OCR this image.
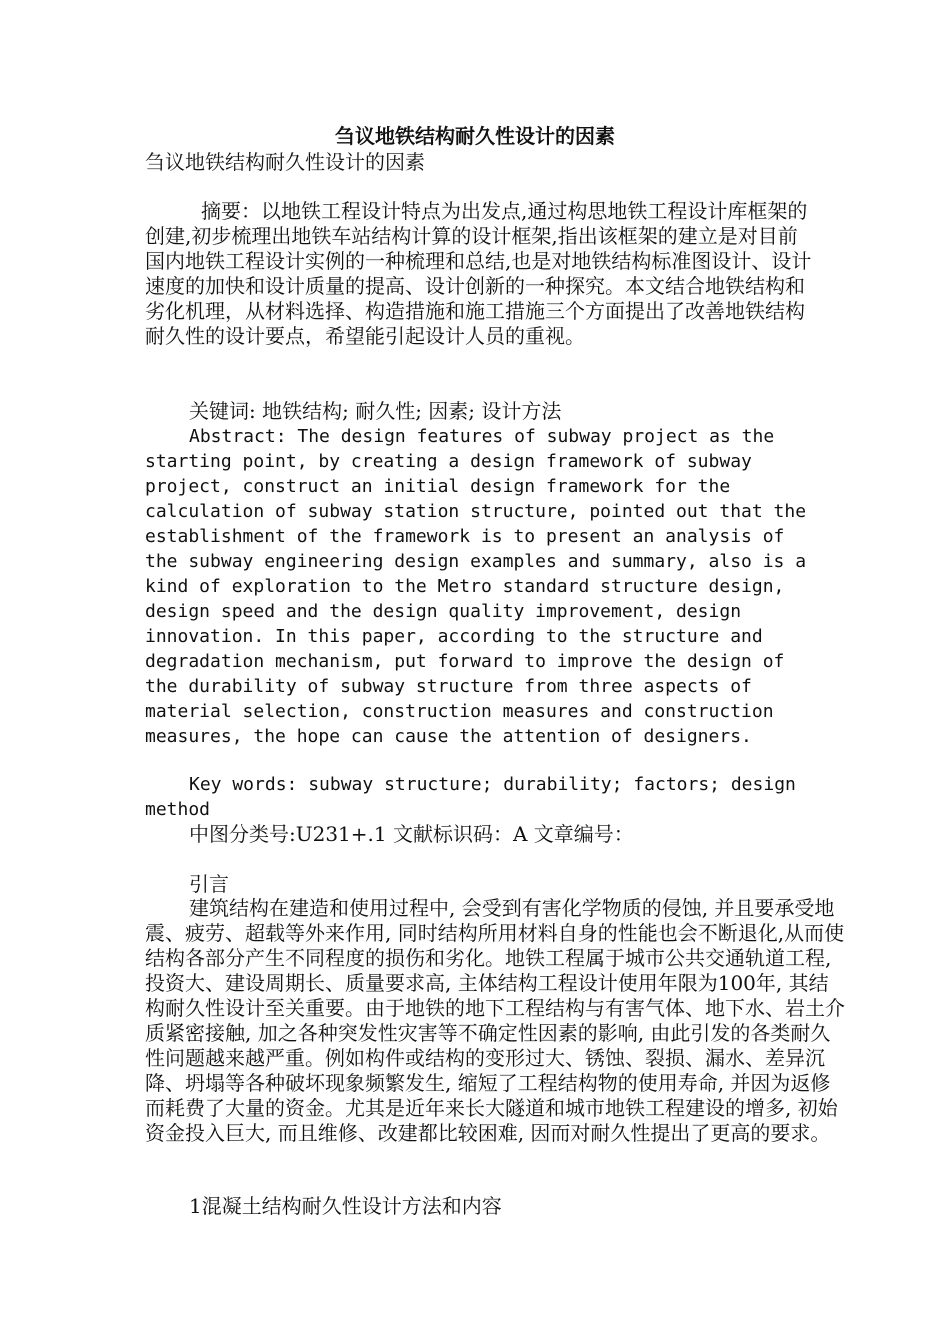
刍议地铁结构耐久性设计的因素

刍议地铁结构耐久性设计的因素

摘要：以地铁工程设计特点为出发点,通过构思地铁工程设计库框架的创建,初步梳理出地铁车站结构计算的设计框架,指出该框架的建立是对目前国内地铁工程设计实例的一种梳理和总结,也是对地铁结构标准图设计、设计速度的加快和设计质量的提高、设计创新的一种探究。本文结合地铁结构和劣化机理，从材料选择、构造措施和施工措施三个方面提出了改善地铁结构耐久性的设计要点，希望能引起设计人员的重视。

关键词: 地铁结构; 耐久性; 因素; 设计方法

Abstract: The design features of subway project as the starting point, by creating a design framework of subway project, construct an initial design framework for the calculation of subway station structure, pointed out that the establishment of the framework is to present an analysis of the subway engineering design examples and summary, also is a kind of exploration to the Metro standard structure design, design speed and the design quality improvement, design innovation. In this paper, according to the structure and degradation mechanism, put forward to improve the design of the durability of subway structure from three aspects of material selection, construction measures and construction measures, the hope can cause the attention of designers.

Key words: subway structure; durability; factors; design method

中图分类号:U231+.1 文献标识码：A 文章编号：

引言

建筑结构在建造和使用过程中, 会受到有害化学物质的侵蚀, 并且要承受地震、疲劳、超载等外来作用, 同时结构所用材料自身的性能也会不断退化,从而使结构各部分产生不同程度的损伤和劣化。地铁工程属于城市公共交通轨道工程, 投资大、建设周期长、质量要求高, 主体结构工程设计使用年限为100年, 其结构耐久性设计至关重要。由于地铁的地下工程结构与有害气体、地下水、岩土介质紧密接触, 加之各种突发性灾害等不确定性因素的影响, 由此引发的各类耐久性问题越来越严重。例如构件或结构的变形过大、锈蚀、裂损、漏水、差异沉降、坍塌等各种破坏现象频繁发生, 缩短了工程结构物的使用寿命, 并因为返修而耗费了大量的资金。尤其是近年来长大隧道和城市地铁工程建设的增多, 初始资金投入巨大, 而且维修、改建都比较困难, 因而对耐久性提出了更高的要求。

1混凝土结构耐久性设计方法和内容
